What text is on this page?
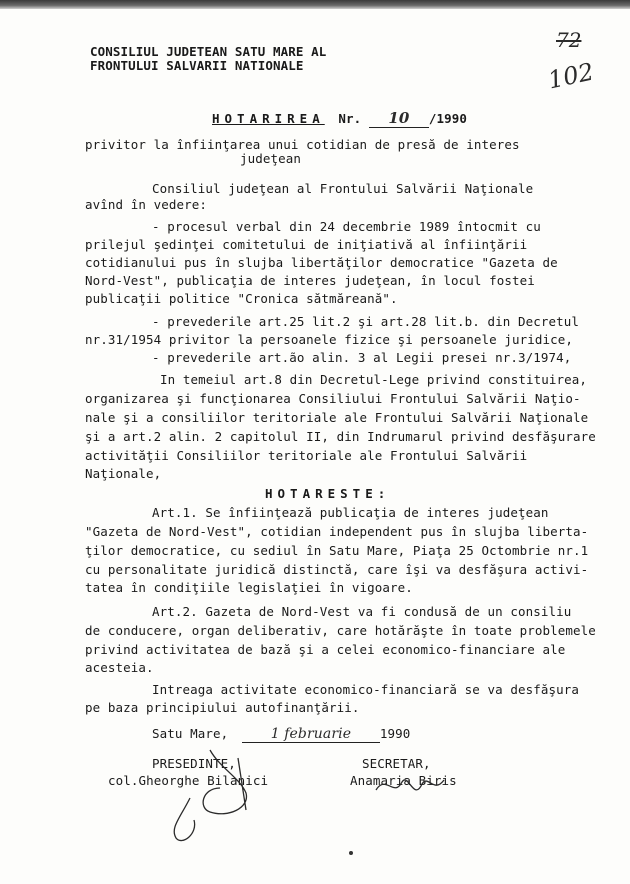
CONSILIUL JUDETEAN SATU MARE AL
FRONTULUI SALVARII NATIONALE
72
102
HOTARIREA Nr. 10 /1990
privitor la înfiinţarea unui cotidian de presă de interes
judeţean
Consiliul judeţean al Frontului Salvării Naţionale
avînd în vedere:
- procesul verbal din 24 decembrie 1989 întocmit cu
prilejul şedinţei comitetului de iniţiativă al înfiinţării
cotidianului pus în slujba libertăţilor democratice "Gazeta de
Nord-Vest", publicaţia de interes judeţean, în locul fostei
publicaţii politice "Cronica sătmăreană".
- prevederile art.25 lit.2 şi art.28 lit.b. din Decretul
nr.31/1954 privitor la persoanele fizice şi persoanele juridice,
- prevederile art.ão alin. 3 al Legii presei nr.3/1974,
In temeiul art.8 din Decretul-Lege privind constituirea,
organizarea şi funcţionarea Consiliului Frontului Salvării Naţio-
nale şi a consiliilor teritoriale ale Frontului Salvării Naţionale
şi a art.2 alin. 2 capitolul II, din Indrumarul privind desfăşurare
activităţii Consiliilor teritoriale ale Frontului Salvării
Naţionale,
HOTARESTE:
Art.1. Se înfiinţează publicaţia de interes judeţean
"Gazeta de Nord-Vest", cotidian independent pus în slujba liberta-
ţilor democratice, cu sediul în Satu Mare, Piaţa 25 Octombrie nr.1
cu personalitate juridică distinctă, care îşi va desfăşura activi-
tatea în condiţiile legislaţiei în vigoare.
Art.2. Gazeta de Nord-Vest va fi condusă de un consiliu
de conducere, organ deliberativ, care hotărăşte în toate problemele
privind activitatea de bază şi a celei economico-financiare ale
acesteia.
Intreaga activitate economico-financiară se va desfăşura
pe baza principiului autofinanţării.
Satu Mare,	1 februarie 1990
PRESEDINTE,
col.Gheorghe Bilanici
SECRETAR,
Anamaria Biris
